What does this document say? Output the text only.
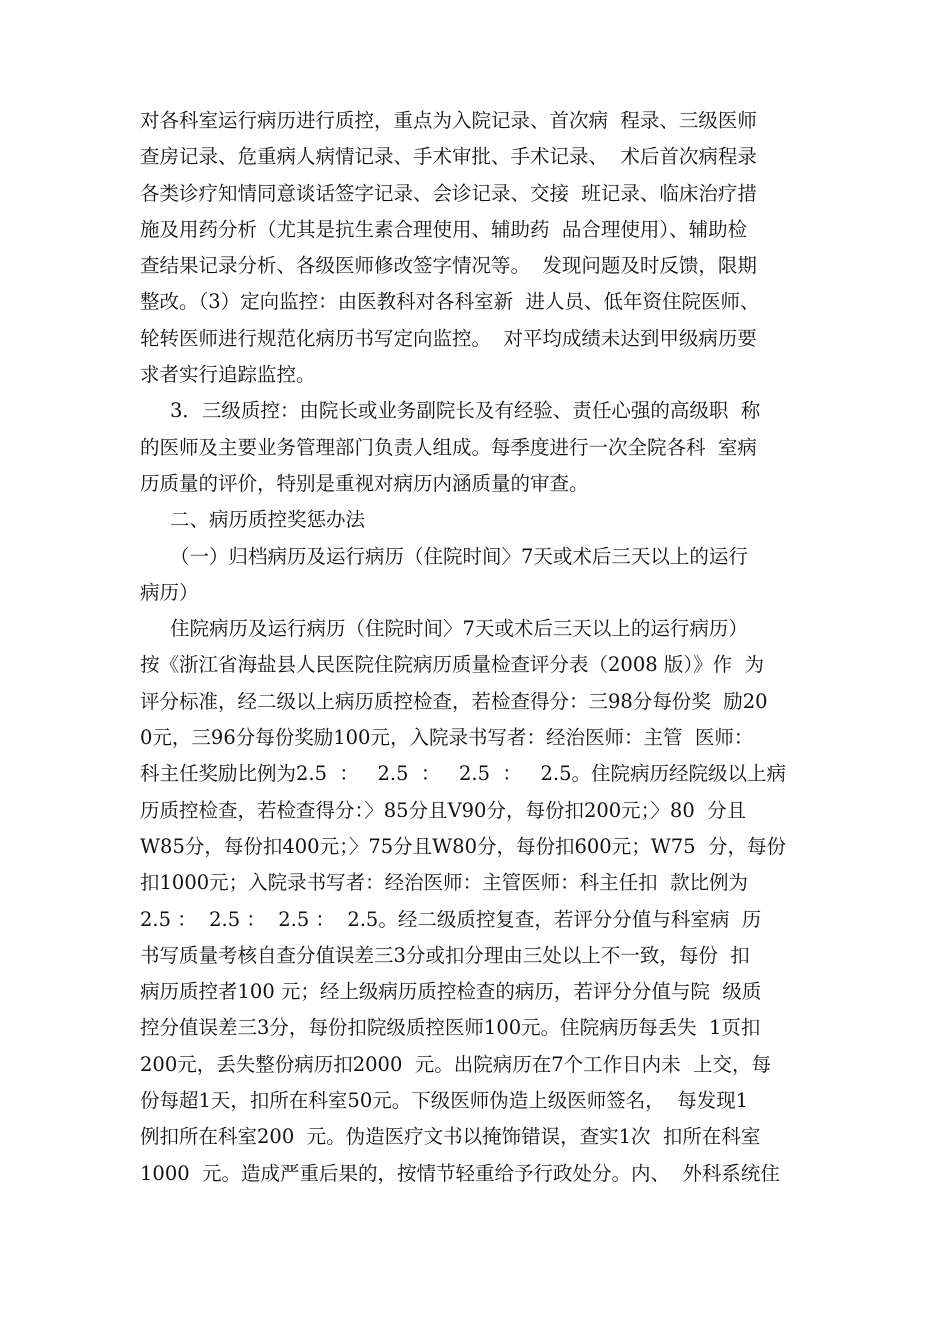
对各科室运行病历进行质控，重点为入院记录、首次病  程录、三级医师
查房记录、危重病人病情记录、手术审批、手术记录、  术后首次病程录
各类诊疗知情同意谈话签字记录、会诊记录、交接  班记录、临床治疗措
施及用药分析（尤其是抗生素合理使用、辅助药  品合理使用）、辅助检
查结果记录分析、各级医师修改签字情况等。  发现问题及时反馈，限期
整改。（3）定向监控：由医教科对各科室新  进人员、低年资住院医师、
轮转医师进行规范化病历书写定向监控。  对平均成绩未达到甲级病历要
求者实行追踪监控。
3．三级质控：由院长或业务副院长及有经验、责任心强的高级职  称
的医师及主要业务管理部门负责人组成。每季度进行一次全院各科  室病
历质量的评价，特别是重视对病历内涵质量的审查。
二、病历质控奖惩办法
（一）归档病历及运行病历（住院时间〉7天或术后三天以上的运行
病历）
住院病历及运行病历（住院时间〉7天或术后三天以上的运行病历）
按《浙江省海盐县人民医院住院病历质量检查评分表（2008 版）》作  为
评分标准，经二级以上病历质控检查，若检查得分：三98分每份奖  励20
0元，三96分每份奖励100元，入院录书写者：经治医师：主管  医师：
科主任奖励比例为2.5  ：   2.5  ：   2.5  ：   2.5。住院病历经院级以上病
历质控检查，若检查得分：〉85分且V90分，每份扣200元；〉80  分且
W85分，每份扣400元；〉75分且W80分，每份扣600元；W75  分，每份
扣1000元；入院录书写者：经治医师：主管医师：科主任扣  款比例为
2.5 ：  2.5 ：  2.5 ：  2.5。经二级质控复查，若评分分值与科室病  历
书写质量考核自查分值误差三3分或扣分理由三处以上不一致，每份  扣
病历质控者100 元；经上级病历质控检查的病历，若评分分值与院  级质
控分值误差三3分，每份扣院级质控医师100元。住院病历每丢失  1页扣
200元，丢失整份病历扣2000  元。出院病历在7个工作日内未  上交，每
份每超1天，扣所在科室50元。下级医师伪造上级医师签名，  每发现1
例扣所在科室200  元。伪造医疗文书以掩饰错误，查实1次  扣所在科室
1000  元。造成严重后果的，按情节轻重给予行政处分。内、  外科系统住
